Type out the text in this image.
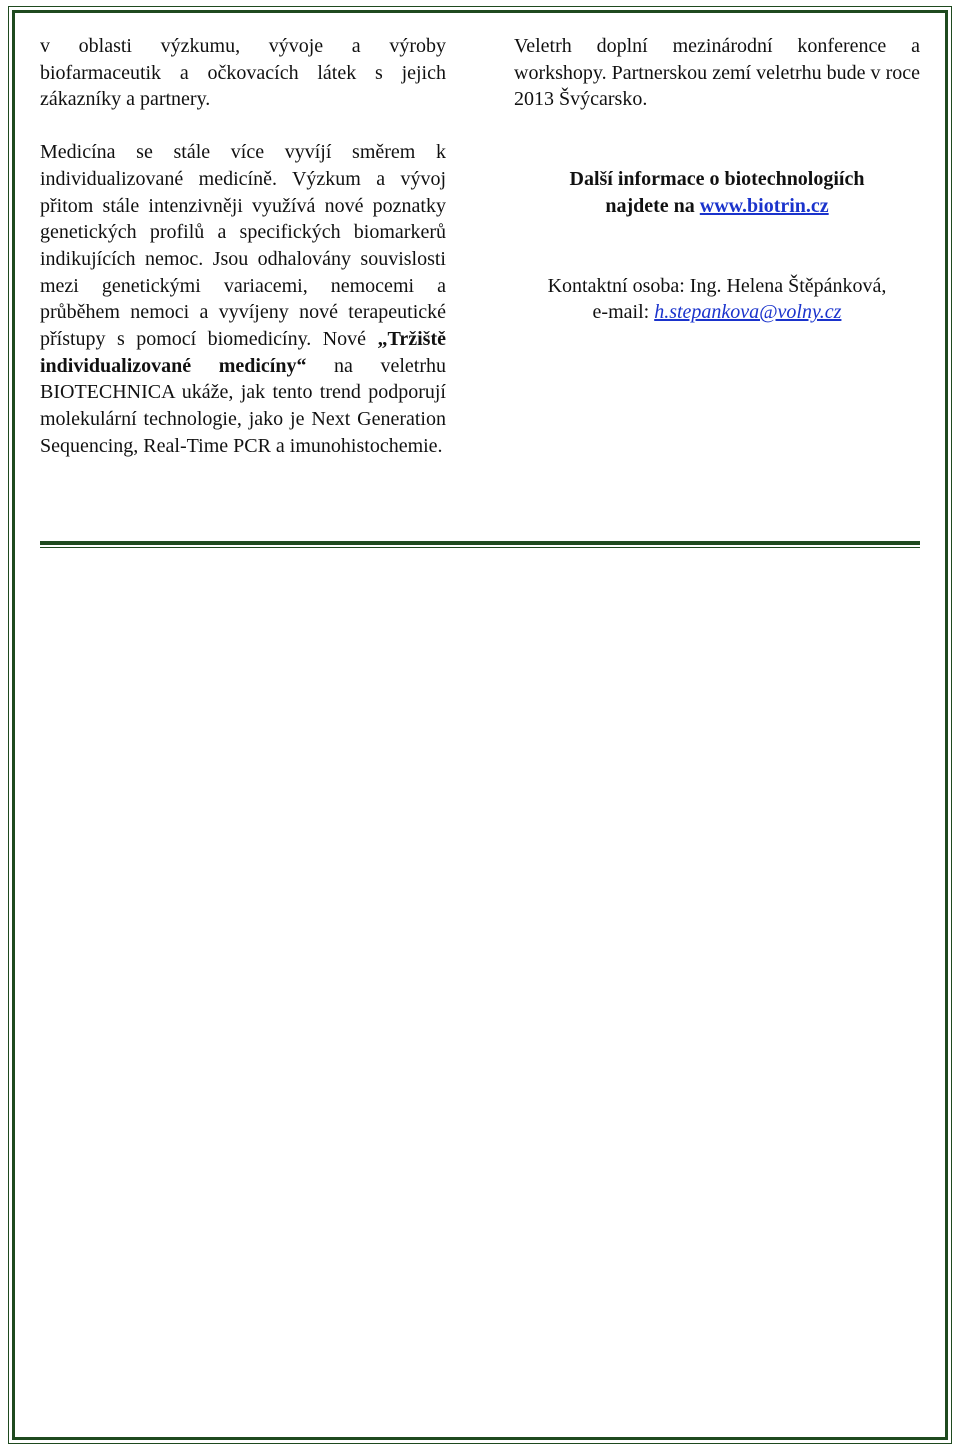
v oblasti výzkumu, vývoje a výroby biofarmaceutik a očkovacích látek s jejich zákazníky a partnery.

Medicína se stále více vyvíjí směrem k individualizované medicíně. Výzkum a vývoj přitom stále intenzivněji využívá nové poznatky genetických profilů a specifických biomarkerů indikujících nemoc. Jsou odhalovány souvislosti mezi genetickými variacemi, nemocemi a průběhem nemoci a vyvíjeny nové terapeutické přístupy s pomocí biomedicíny. Nové „Tržiště individualizované medicíny“ na veletrhu BIOTECHNICA ukáže, jak tento trend podporují molekulární technologie, jako je Next Generation Sequencing, Real-Time PCR a imunohistochemie.

Veletrh doplní mezinárodní konference a workshopy. Partnerskou zemí veletrhu bude v roce 2013 Švýcarsko.

Další informace o biotechnologiích
najdete na www.biotrin.cz

Kontaktní osoba: Ing. Helena Štěpánková,
e-mail: h.stepankova@volny.cz
